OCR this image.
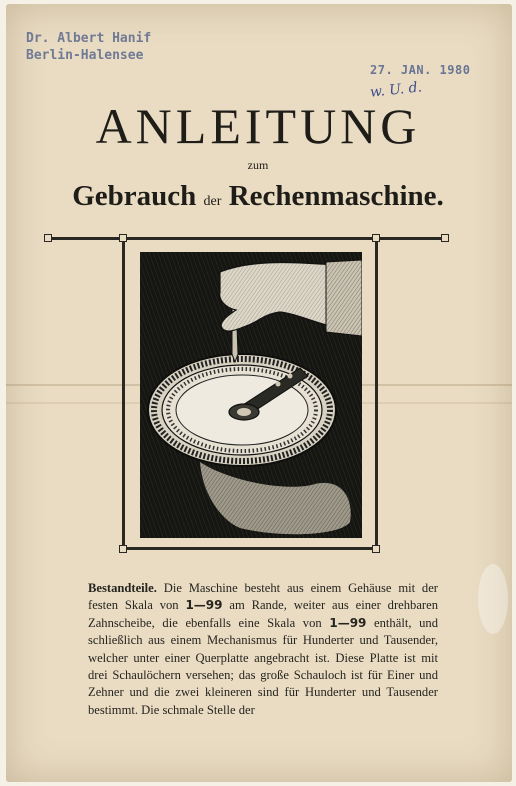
Dr. Albert Hanif
Berlin-Halensee
27. JAN. 1980
w. U. d.
ANLEITUNG
zum
Gebrauch der Rechenmaschine.

Bestandteile. Die Maschine besteht aus einem Gehäuse mit der festen Skala von 1—99 am Rande, weiter aus einer drehbaren Zahnscheibe, die ebenfalls eine Skala von 1—99 enthält, und schließlich aus einem Mechanismus für Hunderter und Tausender, welcher unter einer Querplatte angebracht ist. Diese Platte ist mit drei Schaulöchern versehen; das große Schauloch ist für Einer und Zehner und die zwei kleineren sind für Hunderter und Tausender bestimmt. Die schmale Stelle der
